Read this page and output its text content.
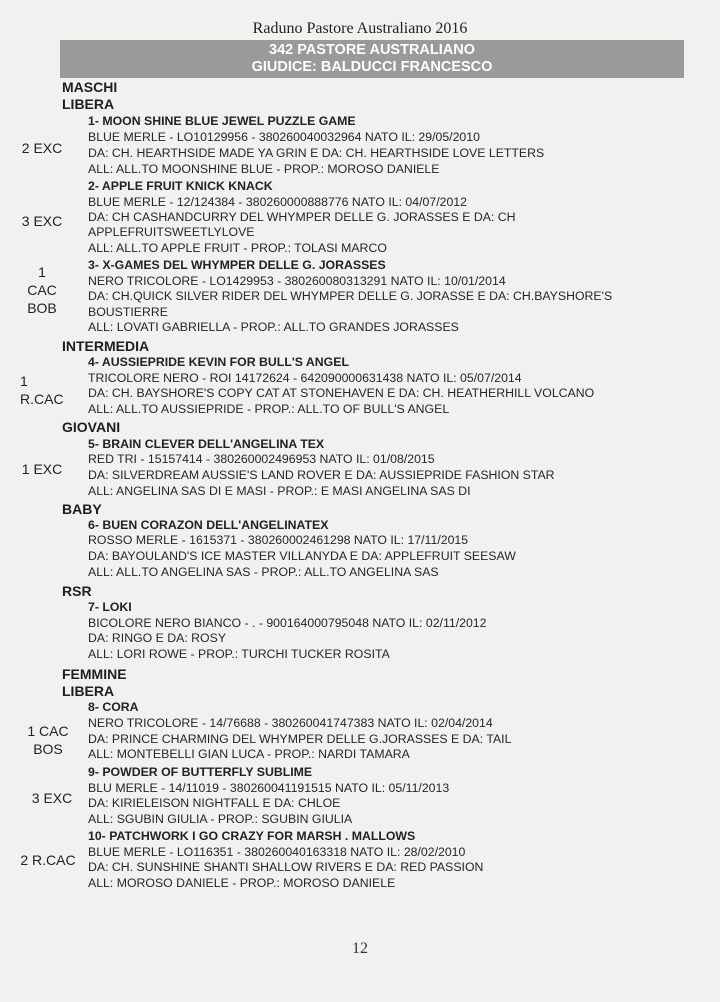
Raduno Pastore Australiano 2016
342 PASTORE AUSTRALIANO
GIUDICE: BALDUCCI FRANCESCO
MASCHI
LIBERA
1- MOON SHINE BLUE JEWEL PUZZLE GAME
BLUE MERLE - LO10129956 - 380260040032964 NATO IL: 29/05/2010
DA: CH. HEARTHSIDE MADE YA GRIN E DA: CH. HEARTHSIDE LOVE LETTERS
ALL: ALL.TO MOONSHINE BLUE - PROP.: MOROSO DANIELE
2 EXC
2- APPLE FRUIT KNICK KNACK
BLUE MERLE - 12/124384 - 380260000888776 NATO IL: 04/07/2012
DA: CH CASHANDCURRY DEL WHYMPER DELLE G. JORASSES E DA: CH
APPLEFRUITSWEETLYLOVE
ALL: ALL.TO APPLE FRUIT - PROP.: TOLASI MARCO
3 EXC
3- X-GAMES DEL WHYMPER DELLE G. JORASSES
NERO TRICOLORE - LO1429953 - 380260080313291 NATO IL: 10/01/2014
DA: CH.QUICK SILVER RIDER DEL WHYMPER DELLE G. JORASSE E DA: CH.BAYSHORE'S
BOUSTIERRE
ALL: LOVATI GABRIELLA - PROP.: ALL.TO GRANDES JORASSES
1
CAC
BOB
INTERMEDIA
4- AUSSIEPRIDE KEVIN FOR BULL'S ANGEL
TRICOLORE NERO - ROI 14172624 - 642090000631438 NATO IL: 05/07/2014
DA: CH. BAYSHORE'S COPY CAT AT STONEHAVEN E DA: CH. HEATHERHILL VOLCANO
ALL: ALL.TO AUSSIEPRIDE - PROP.: ALL.TO OF BULL'S ANGEL
1
R.CAC
GIOVANI
5- BRAIN CLEVER DELL'ANGELINA TEX
RED TRI - 15157414 - 380260002496953 NATO IL: 01/08/2015
DA: SILVERDREAM AUSSIE'S LAND ROVER E DA: AUSSIEPRIDE FASHION STAR
ALL: ANGELINA SAS DI E MASI - PROP.: E MASI ANGELINA SAS DI
1 EXC
BABY
6- BUEN CORAZON DELL'ANGELINATEX
ROSSO MERLE - 1615371 - 380260002461298 NATO IL: 17/11/2015
DA: BAYOULAND'S ICE MASTER VILLANYDA E DA: APPLEFRUIT SEESAW
ALL: ALL.TO ANGELINA SAS - PROP.: ALL.TO ANGELINA SAS
RSR
7- LOKI
BICOLORE NERO BIANCO - . - 900164000795048 NATO IL: 02/11/2012
DA: RINGO E DA: ROSY
ALL: LORI ROWE - PROP.: TURCHI TUCKER ROSITA
FEMMINE
LIBERA
8- CORA
NERO TRICOLORE - 14/76688 - 380260041747383 NATO IL: 02/04/2014
DA: PRINCE CHARMING DEL WHYMPER DELLE G.JORASSES E DA: TAIL
ALL: MONTEBELLI GIAN LUCA - PROP.: NARDI TAMARA
1 CAC
BOS
9- POWDER OF BUTTERFLY SUBLIME
BLU MERLE - 14/11019 - 380260041191515 NATO IL: 05/11/2013
DA: KIRIELEISON NIGHTFALL E DA: CHLOE
ALL: SGUBIN GIULIA - PROP.: SGUBIN GIULIA
3 EXC
10- PATCHWORK I GO CRAZY FOR MARSH . MALLOWS
BLUE MERLE - LO116351 - 380260040163318 NATO IL: 28/02/2010
DA: CH. SUNSHINE SHANTI SHALLOW RIVERS E DA: RED PASSION
ALL: MOROSO DANIELE - PROP.: MOROSO DANIELE
2 R.CAC
12
